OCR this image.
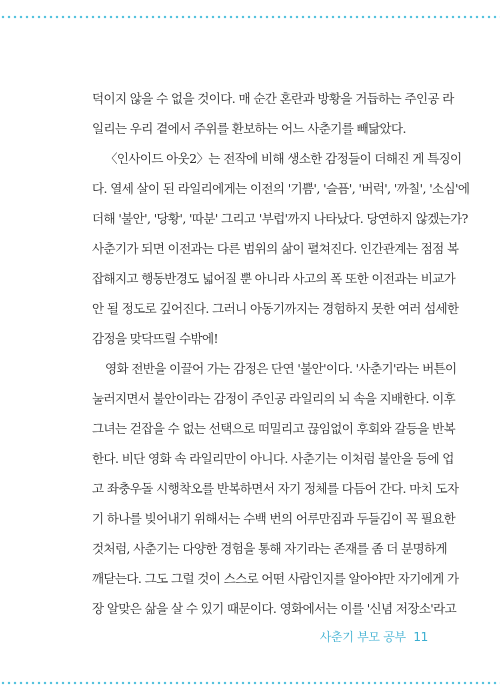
덕이지 않을 수 없을 것이다. 매 순간 혼란과 방황을 거듭하는 주인공 라
일리는 우리 곁에서 주위를 환보하는 어느 사춘기를 빼닮았다.
〈인사이드 아웃2〉는 전작에 비해 생소한 감정들이 더해진 게 특징이
다. 열세 살이 된 라일리에게는 이전의 '기쁨', '슬픔', '버럭', '까칠', '소심'에
더해 '불안', '당황', '따분' 그리고 '부럽'까지 나타났다. 당연하지 않겠는가?
사춘기가 되면 이전과는 다른 범위의 삶이 펼쳐진다. 인간관계는 점점 복
잡해지고 행동반경도 넓어질 뿐 아니라 사고의 폭 또한 이전과는 비교가
안 될 정도로 깊어진다. 그러니 아동기까지는 경험하지 못한 여러 섬세한
감정을 맞닥뜨릴 수밖에!
영화 전반을 이끌어 가는 감정은 단연 '불안'이다. '사춘기'라는 버튼이
눌러지면서 불안이라는 감정이 주인공 라일리의 뇌 속을 지배한다. 이후
그녀는 걷잡을 수 없는 선택으로 떠밀리고 끊임없이 후회와 갈등을 반복
한다. 비단 영화 속 라일리만이 아니다. 사춘기는 이처럼 불안을 등에 업
고 좌충우돌 시행착오를 반복하면서 자기 정체를 다듬어 간다. 마치 도자
기 하나를 빚어내기 위해서는 수백 번의 어루만짐과 두들김이 꼭 필요한
것처럼, 사춘기는 다양한 경험을 통해 자기라는 존재를 좀 더 분명하게
깨닫는다. 그도 그럴 것이 스스로 어떤 사람인지를 알아야만 자기에게 가
장 알맞은 삶을 살 수 있기 때문이다. 영화에서는 이를 '신념 저장소'라고
사춘기 부모 공부 11
